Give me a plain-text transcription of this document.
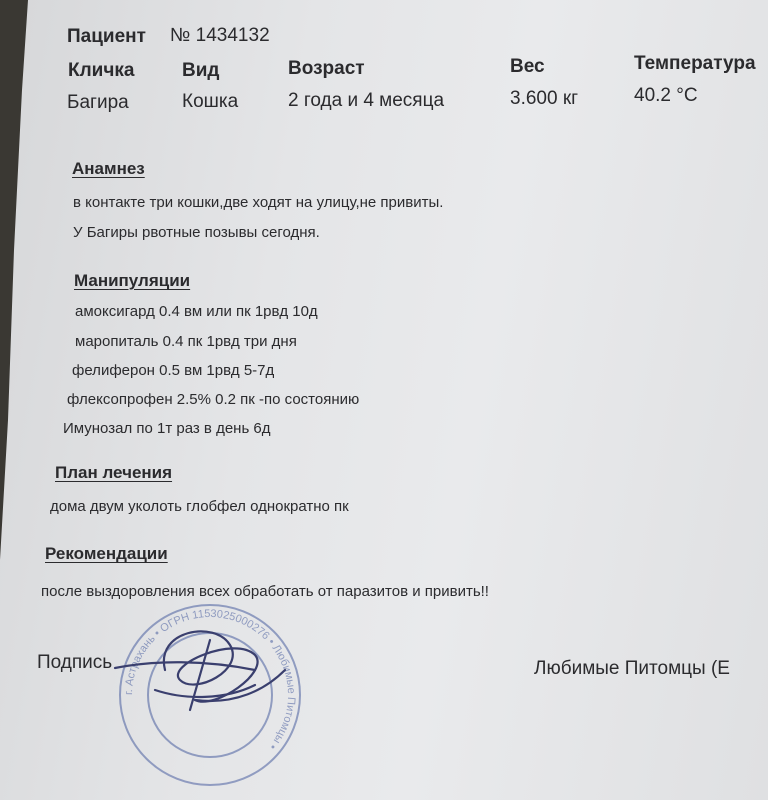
Пациент № 1434132
Кличка	Вид	Возраст	Вес	Температура
Багира	Кошка	2 года и 4 месяца	3.600 кг	40.2 °C
Анамнез
в контакте три кошки,две ходят на улицу,не привиты.
У Багиры рвотные позывы сегодня.
Манипуляции
амоксигард 0.4 вм или пк 1рвд 10д
маропиталь 0.4 пк 1рвд три дня
фелиферон 0.5 вм 1рвд 5-7д
флексопрофен 2.5% 0.2 пк -по состоянию
Имунозал по 1т раз в день 6д
План лечения
дома двум уколоть глобфел однократно пк
Рекомендации
после выздоровления всех обработать от паразитов и привить!!
г. Астрахань • ОГРН 1153025000276 • Любимые Питомцы •
Подпись	Любимые Питомцы (Е
